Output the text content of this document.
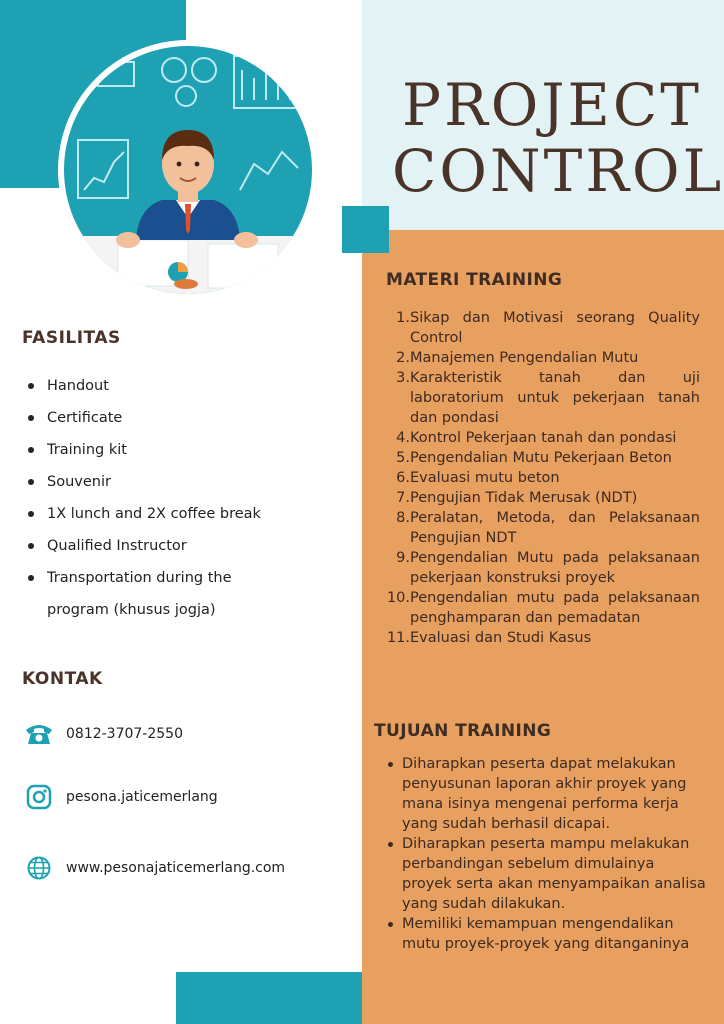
PROJECT
CONTROL
FASILITAS
Handout
Certificate
Training kit
Souvenir
1X lunch and 2X coffee break
Qualified Instructor
Transportation during the
program (khusus jogja)
KONTAK
0812-3707-2550
pesona.jaticemerlang
www.pesonajaticemerlang.com
MATERI TRAINING
1. Sikap dan Motivasi seorang Quality Control
2. Manajemen Pengendalian Mutu
3. Karakteristik tanah dan uji laboratorium untuk pekerjaan tanah dan pondasi
4. Kontrol Pekerjaan tanah dan pondasi
5. Pengendalian Mutu Pekerjaan Beton
6. Evaluasi mutu beton
7. Pengujian Tidak Merusak (NDT)
8. Peralatan, Metoda, dan Pelaksanaan Pengujian NDT
9. Pengendalian Mutu pada pelaksanaan pekerjaan konstruksi proyek
10. Pengendalian mutu pada pelaksanaan penghamparan dan pemadatan
11. Evaluasi dan Studi Kasus
TUJUAN TRAINING
Diharapkan peserta dapat melakukan penyusunan laporan akhir proyek yang mana isinya mengenai performa kerja yang sudah berhasil dicapai.
Diharapkan peserta mampu melakukan perbandingan sebelum dimulainya proyek serta akan menyampaikan analisa yang sudah dilakukan.
Memiliki kemampuan mengendalikan mutu proyek-proyek yang ditanganinya
